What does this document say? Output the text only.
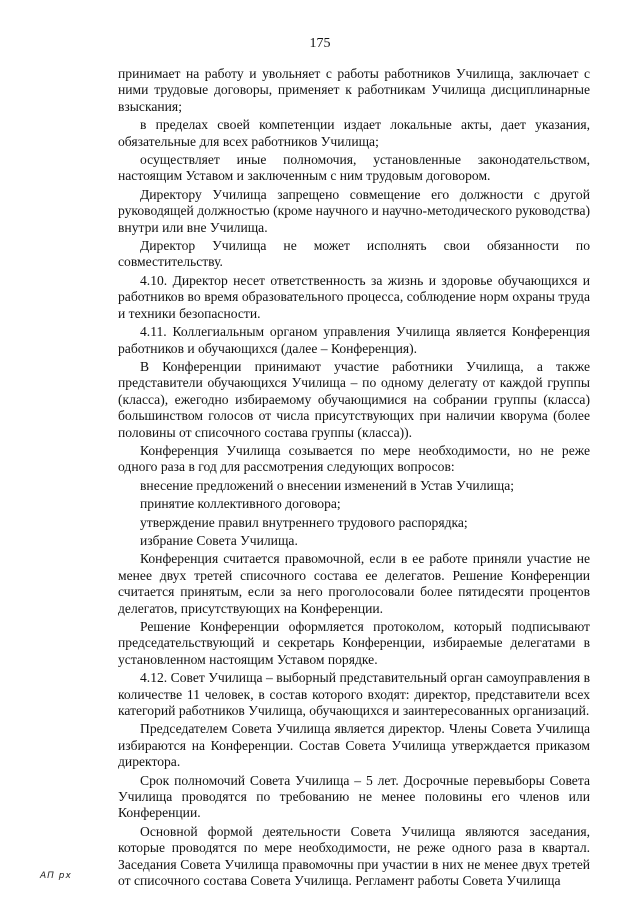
175

принимает на работу и увольняет с работы работников Училища, заключает с ними трудовые договоры, применяет к работникам Училища дисциплинарные взыскания;

в пределах своей компетенции издает локальные акты, дает указания, обязательные для всех работников Училища;

осуществляет иные полномочия, установленные законодательством, настоящим Уставом и заключенным с ним трудовым договором.

Директору Училища запрещено совмещение его должности с другой руководящей должностью (кроме научного и научно-методического руководства) внутри или вне Училища.

Директор Училища не может исполнять свои обязанности по совместительству.

4.10. Директор несет ответственность за жизнь и здоровье обучающихся и работников во время образовательного процесса, соблюдение норм охраны труда и техники безопасности.

4.11. Коллегиальным органом управления Училища является Конференция работников и обучающихся (далее – Конференция).

В Конференции принимают участие работники Училища, а также представители обучающихся Училища – по одному делегату от каждой группы (класса), ежегодно избираемому обучающимися на собрании группы (класса) большинством голосов от числа присутствующих при наличии кворума (более половины от списочного состава группы (класса)).

Конференция Училища созывается по мере необходимости, но не реже одного раза в год для рассмотрения следующих вопросов:

внесение предложений о внесении изменений в Устав Училища;

принятие коллективного договора;

утверждение правил внутреннего трудового распорядка;

избрание Совета Училища.

Конференция считается правомочной, если в ее работе приняли участие не менее двух третей списочного состава ее делегатов. Решение Конференции считается принятым, если за него проголосовали более пятидесяти процентов делегатов, присутствующих на Конференции.

Решение Конференции оформляется протоколом, который подписывают председательствующий и секретарь Конференции, избираемые делегатами в установленном настоящим Уставом порядке.

4.12. Совет Училища – выборный представительный орган самоуправления в количестве 11 человек, в состав которого входят: директор, представители всех категорий работников Училища, обучающихся и заинтересованных организаций.

Председателем Совета Училища является директор. Члены Совета Училища избираются на Конференции. Состав Совета Училища утверждается приказом директора.

Срок полномочий Совета Училища – 5 лет. Досрочные перевыборы Совета Училища проводятся по требованию не менее половины его членов или Конференции.

Основной формой деятельности Совета Училища являются заседания, которые проводятся по мере необходимости, не реже одного раза в квартал. Заседания Совета Училища правомочны при участии в них не менее двух третей от списочного состава Совета Училища. Регламент работы Совета Училища

АП рх
